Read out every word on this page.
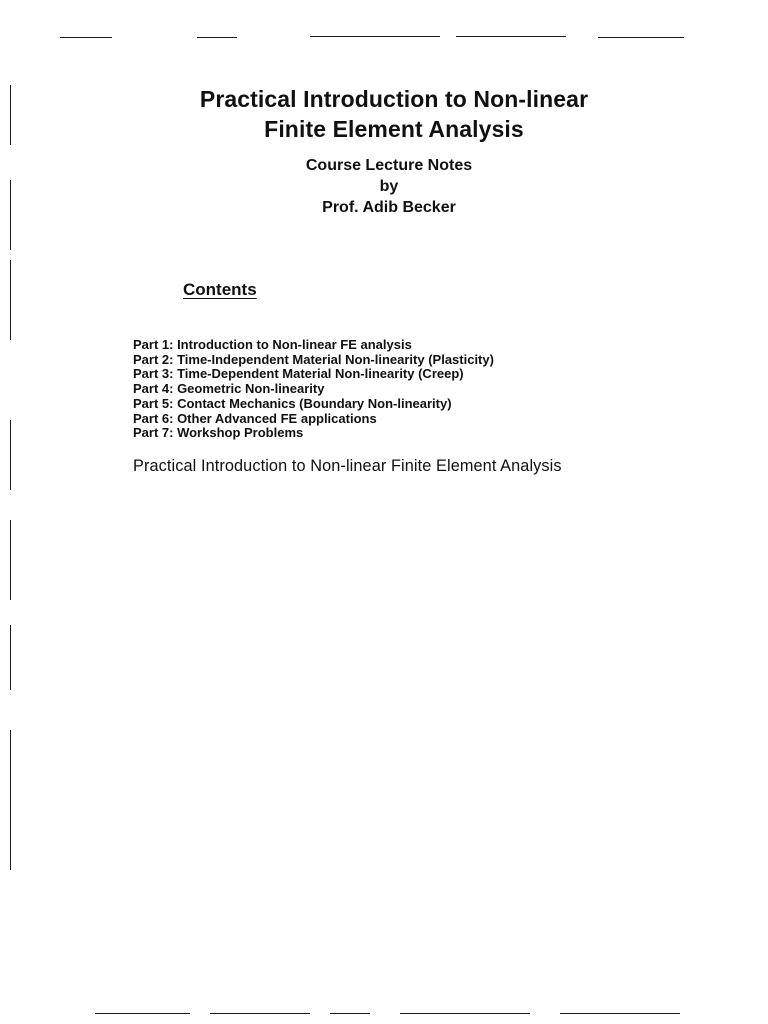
Practical Introduction to Non-linear
Finite Element Analysis
Course Lecture Notes
by
Prof. Adib Becker
Contents
Part 1: Introduction to Non-linear FE analysis
Part 2: Time-Independent Material Non-linearity (Plasticity)
Part 3: Time-Dependent Material Non-linearity (Creep)
Part 4: Geometric Non-linearity
Part 5: Contact Mechanics (Boundary Non-linearity)
Part 6: Other Advanced FE applications
Part 7: Workshop Problems
Practical Introduction to Non-linear Finite Element Analysis
